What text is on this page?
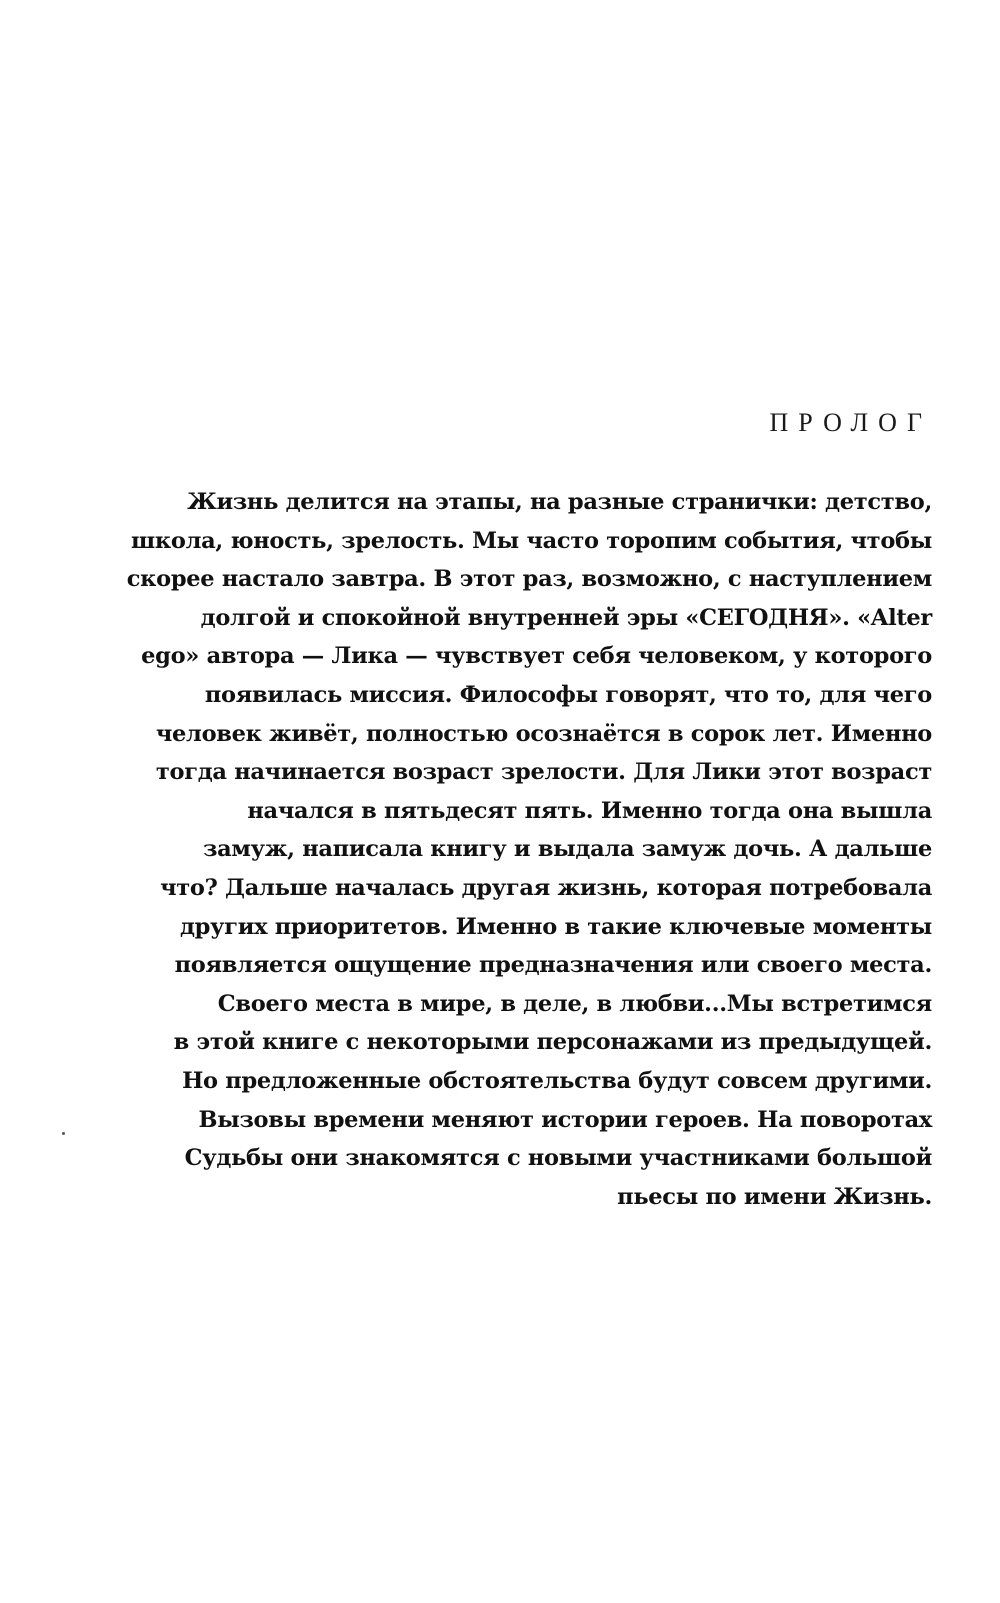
ПРОЛОГ
Жизнь делится на этапы, на разные странички: детство,
школа, юность, зрелость. Мы часто торопим события, чтобы
скорее настало завтра. В этот раз, возможно, с наступлением
долгой и спокойной внутренней эры «СЕГОДНЯ». «Alter
ego» автора — Лика — чувствует себя человеком, у которого
появилась миссия. Философы говорят, что то, для чего
человек живёт, полностью осознаётся в сорок лет. Именно
тогда начинается возраст зрелости. Для Лики этот возраст
начался в пятьдесят пять. Именно тогда она вышла
замуж, написала книгу и выдала замуж дочь. А дальше
что? Дальше началась другая жизнь, которая потребовала
других приоритетов. Именно в такие ключевые моменты
появляется ощущение предназначения или своего места.
Своего места в мире, в деле, в любви...Мы встретимся
в этой книге с некоторыми персонажами из предыдущей.
Но предложенные обстоятельства будут совсем другими.
Вызовы времени меняют истории героев. На поворотах
Судьбы они знакомятся с новыми участниками большой
пьесы по имени Жизнь.
